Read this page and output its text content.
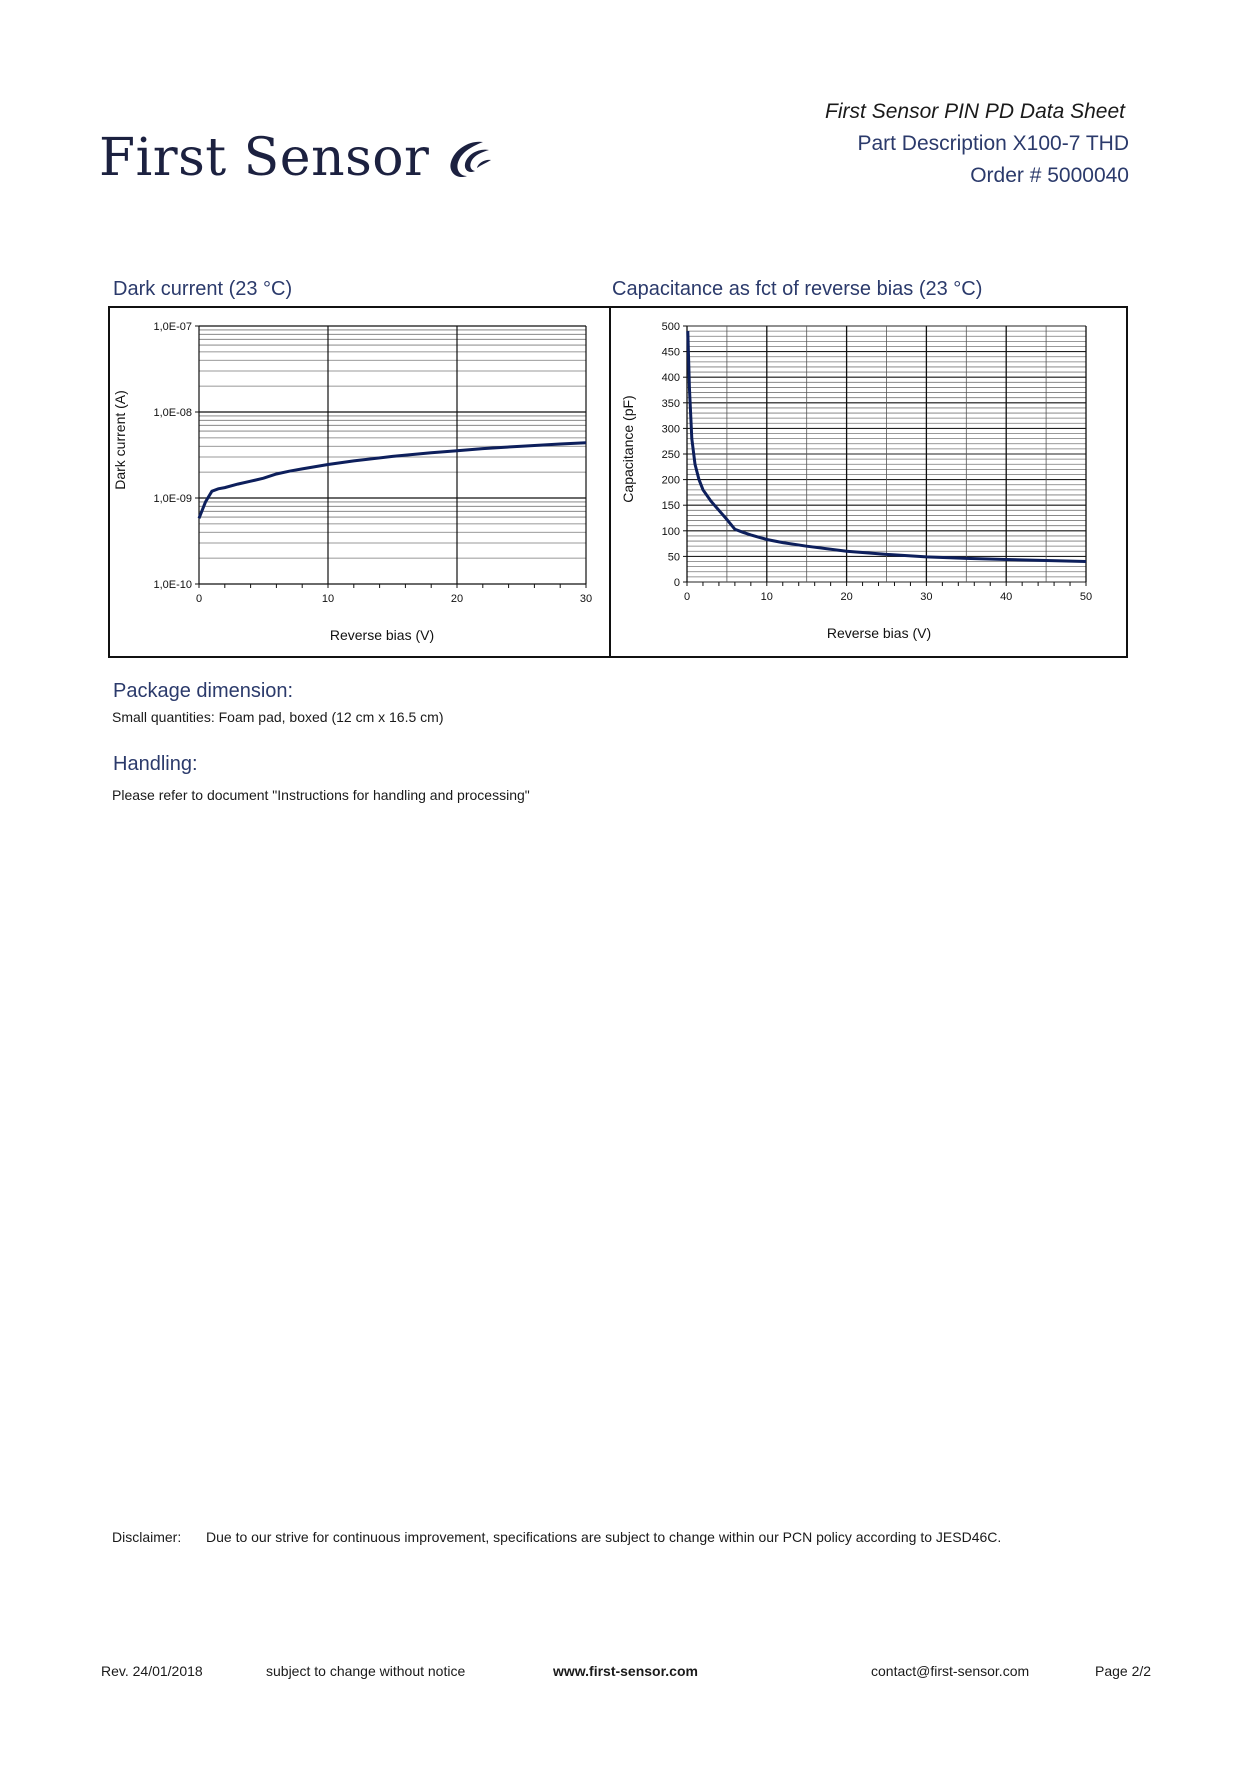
First Sensor
First Sensor PIN PD Data Sheet
Part Description X100-7 THD
Order # 5000040
Dark current (23 °C)	Capacitance as fct of reverse bias (23 °C)
1,0E-10
1,0E-09
1,0E-08
1,0E-07
0	10	20	30
Reverse bias (V)
Dark current (A)
0
50
100
150
200
250
300
350
400
450
500
0	10	20	30	40	50
Reverse bias (V)
Capacitance (pF)
Package dimension:
Small quantities: Foam pad, boxed (12 cm x 16.5 cm)
Handling:
Please refer to document "Instructions for handling and processing"
Disclaimer: Due to our strive for continuous improvement, specifications are subject to change within our PCN policy according to JESD46C.
Rev. 24/01/2018	subject to change without notice	www.first-sensor.com	contact@first-sensor.com	Page 2/2
